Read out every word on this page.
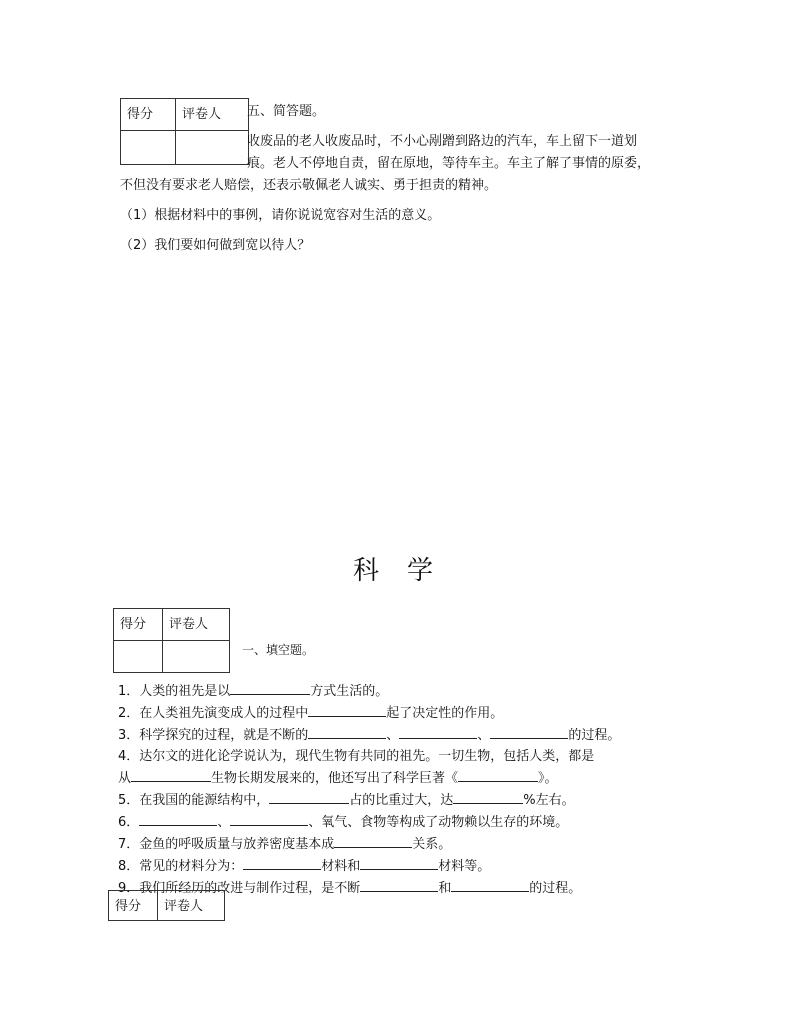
得分	评卷人
	五、简答题。
收废品的老人收废品时，不小心剐蹭到路边的汽车，车上留下一道划
痕。老人不停地自责，留在原地，等待车主。车主了解了事情的原委，
不但没有要求老人赔偿，还表示敬佩老人诚实、勇于担责的精神。
（1）根据材料中的事例，请你说说宽容对生活的意义。
（2）我们要如何做到宽以待人？
科学
得分	评卷人

一、填空题。
1．人类的祖先是以	方式生活的。
2．在人类祖先演变成人的过程中	起了决定性的作用。
3．科学探究的过程，就是不断的	、	、	的过程。
4．达尔文的进化论学说认为，现代生物有共同的祖先。一切生物，包括人类，都是
从	生物长期发展来的，他还写出了科学巨著《	》。
5．在我国的能源结构中，	占的比重过大，达	%左右。
6．	、	、氧气、食物等构成了动物赖以生存的环境。
7．金鱼的呼吸质量与放养密度基本成	关系。
8．常见的材料分为：	材料和	材料等。
9．我们所经历的改进与制作过程，是不断	和	的过程。
得分	评卷人
